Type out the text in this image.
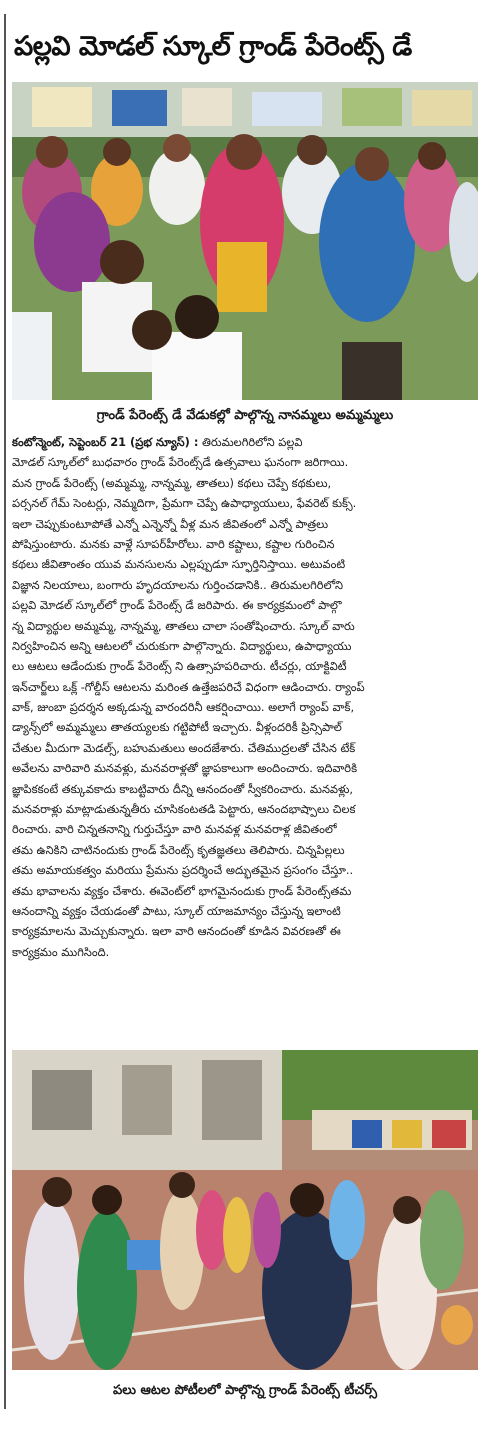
పల్లవి మోడల్ స్కూల్ గ్రాండ్ పేరెంట్స్ డే
గ్రాండ్ పేరెంట్స్ డే వేడుకల్లో పాల్గొన్న నానమ్మలు అమ్మమ్మలు
కంటోన్మెంట్, సెప్టెంబర్ 21 (ప్రభ న్యూస్) : తిరుమలగిరిలోని పల్లవి
మోడల్ స్కూల్‌లో బుధవారం గ్రాండ్ పేరెంట్స్‌డే ఉత్సవాలు ఘనంగా జరిగాయి.
మన గ్రాండ్ పేరెంట్స్ (అమ్మమ్మ, నాన్నమ్మ, తాతలు) కథలు చెప్పే కథకులు,
పర్సనల్ గేమ్‌ సెంటర్లు, నెమ్మదిగా, ప్రేమగా చెప్పే ఉపాధ్యాయులు, ఫేవరెట్ కుక్స్.
ఇలా చెప్పుకుంటూపోతే ఎన్నో ఎన్నెన్నో వీళ్ల మన జీవితంలో ఎన్నో పాత్రలు
పోషిస్తుంటారు. మనకు వాళ్లే సూపర్‌హీరోలు. వారి కష్టాలు, కష్టాల గురించిన
కథలు జీవితాంతం యువ మనసులను ఎల్లప్పుడూ స్ఫూర్తినిస్తాయి. అటువంటి
విజ్ఞాన నిలయాలు, బంగారు హృదయాలను గుర్తించడానికి.. తిరుమలగిరిలోని
పల్లవి మోడల్ స్కూల్‌లో గ్రాండ్ పేరెంట్స్ డే జరిపారు. ఈ కార్యక్రమంలో పాల్గొ
న్న విద్యార్థుల అమ్మమ్మ, నాన్నమ్మ, తాతలు చాలా సంతోషించారు. స్కూల్ వారు
నిర్వహించిన అన్ని ఆటలలో చురుకుగా పాల్గొన్నారు. విద్యార్థులు, ఉపాధ్యాయు
లు ఆటలు ఆడేందుకు గ్రాండ్ పేరెంట్స్ ని ఉత్సాహపరిచారు. టీచర్లు, యాక్టివిటీ
ఇన్‌చార్జ్‌లు ఒక్ల్ -గోల్డీస్ ఆటలను మరింత ఉత్తేజపరిచే విధంగా ఆడించారు. ర్యాంప్
వాక్, జుంబా ప్రదర్శన అక్కడున్న వారందరినీ ఆకర్షించాయి. అలాగే ర్యాంప్ వాక్,
డ్యాన్స్‌లో అమ్మమ్మలు తాతయ్యలకు గట్టిపోటీ ఇచ్చారు. వీళ్లందరికీ ప్రిన్సిపాల్
చేతుల మీదుగా మెడల్స్, బహుమతులు అందజేశారు. చేతిముద్రలతో చేసిన టేక్
అవేలను వారివారి మనవళ్లు, మనవరాళ్లతో జ్ఞాపకాలుగా అందించారు. ఇదివారికి
జ్ఞాపికకంటే తక్కువకాదు కాబట్టివారు దీన్ని ఆనందంతో స్వీకరించారు. మనవళ్లు,
మనవరాళ్లు మాట్లాడుతున్నతీరు చూసికంటతడి పెట్టారు, ఆనందభాష్పాలు చిలక
రించారు. వారి చిన్నతనాన్ని గుర్తుచేస్తూ వారి మనవళ్ల మనవరాళ్ల జీవితంలో
తమ ఉనికిని చాటినందుకు గ్రాండ్ పేరెంట్స్ కృతజ్ఞతలు తెలిపారు. చిన్నపిల్లలు
తమ అమాయకత్వం మరియు ప్రేమను ప్రదర్శించే అద్భుతమైన ప్రసంగం చేస్తూ..
తమ భావాలను వ్యక్తం చేశారు. ఈవెంట్‌లో భాగమైనందుకు గ్రాండ్ పేరెంట్స్‌తమ
ఆనందాన్ని వ్యక్తం చేయడంతో పాటు, స్కూల్ యాజమాన్యం చేస్తున్న ఇలాంటి
కార్యక్రమాలను మెచ్చుకున్నారు. ఇలా వారి ఆనందంతో కూడిన వివరణతో ఈ
కార్యక్రమం ముగిసింది.
పలు ఆటల పోటీలలో పాల్గొన్న గ్రాండ్ పేరెంట్స్ టీచర్స్
